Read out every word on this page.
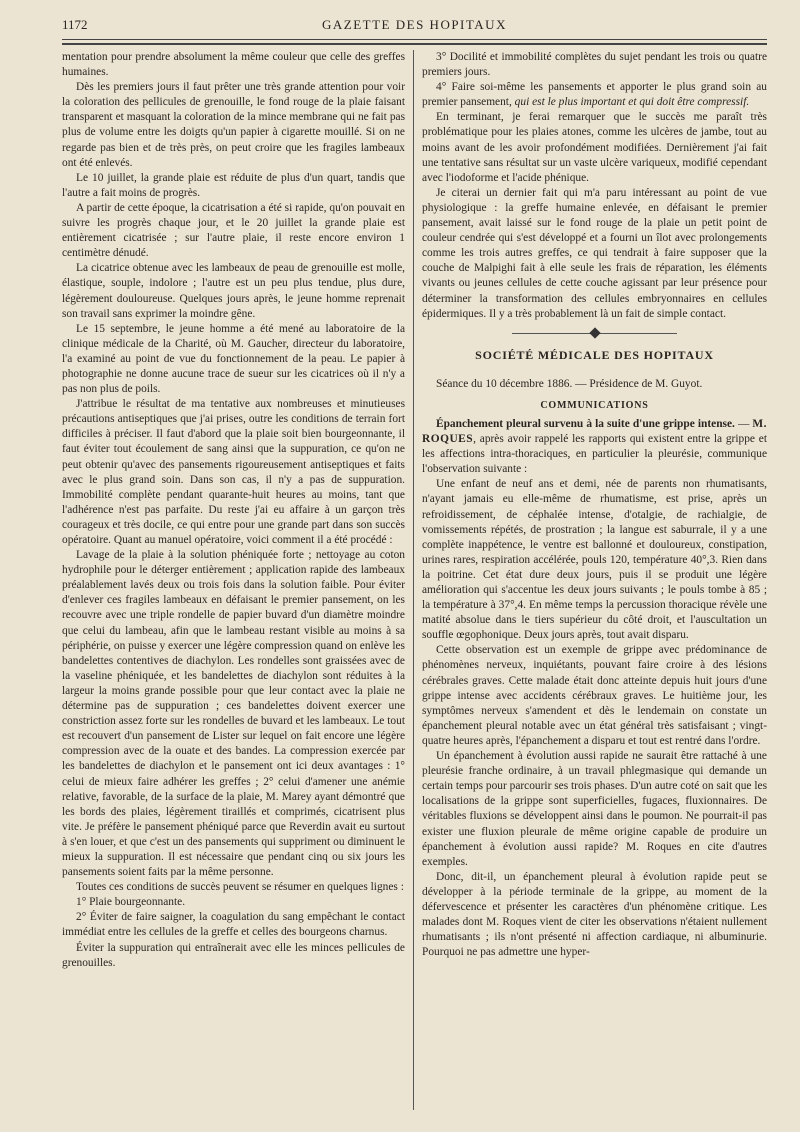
1172	GAZETTE DES HOPITAUX

mentation pour prendre absolument la même couleur que celle des greffes humaines.

Dès les premiers jours il faut prêter une très grande attention pour voir la coloration des pellicules de grenouille, le fond rouge de la plaie faisant transparent et masquant la coloration de la mince membrane qui ne fait pas plus de volume entre les doigts qu'un papier à cigarette mouillé. Si on ne regarde pas bien et de très près, on peut croire que les fragiles lambeaux ont été enlevés.

Le 10 juillet, la grande plaie est réduite de plus d'un quart, tandis que l'autre a fait moins de progrès.

A partir de cette époque, la cicatrisation a été si rapide, qu'on pouvait en suivre les progrès chaque jour, et le 20 juillet la grande plaie est entièrement cicatrisée ; sur l'autre plaie, il reste encore environ 1 centimètre dénudé.

La cicatrice obtenue avec les lambeaux de peau de grenouille est molle, élastique, souple, indolore ; l'autre est un peu plus tendue, plus dure, légèrement douloureuse. Quelques jours après, le jeune homme reprenait son travail sans exprimer la moindre gêne.

Le 15 septembre, le jeune homme a été mené au laboratoire de la clinique médicale de la Charité, où M. Gaucher, directeur du laboratoire, l'a examiné au point de vue du fonctionnement de la peau. Le papier à photographie ne donne aucune trace de sueur sur les cicatrices où il n'y a pas non plus de poils.

J'attribue le résultat de ma tentative aux nombreuses et minutieuses précautions antiseptiques que j'ai prises, outre les conditions de terrain fort difficiles à préciser. Il faut d'abord que la plaie soit bien bourgeonnante, il faut éviter tout écoulement de sang ainsi que la suppuration, ce qu'on ne peut obtenir qu'avec des pansements rigoureusement antiseptiques et faits avec le plus grand soin. Dans son cas, il n'y a pas de suppuration. Immobilité complète pendant quarante-huit heures au moins, tant que l'adhérence n'est pas parfaite. Du reste j'ai eu affaire à un garçon très courageux et très docile, ce qui entre pour une grande part dans son succès opératoire. Quant au manuel opératoire, voici comment il a été procédé :

Lavage de la plaie à la solution phéniquée forte ; nettoyage au coton hydrophile pour le déterger entièrement ; application rapide des lambeaux préalablement lavés deux ou trois fois dans la solution faible. Pour éviter d'enlever ces fragiles lambeaux en défaisant le premier pansement, on les recouvre avec une triple rondelle de papier buvard d'un diamètre moindre que celui du lambeau, afin que le lambeau restant visible au moins à sa périphérie, on puisse y exercer une légère compression quand on enlève les bandelettes contentives de diachylon. Les rondelles sont graissées avec de la vaseline phéniquée, et les bandelettes de diachylon sont réduites à la largeur la moins grande possible pour que leur contact avec la plaie ne détermine pas de suppuration ; ces bandelettes doivent exercer une constriction assez forte sur les rondelles de buvard et les lambeaux. Le tout est recouvert d'un pansement de Lister sur lequel on fait encore une légère compression avec de la ouate et des bandes. La compression exercée par les bandelettes de diachylon et le pansement ont ici deux avantages : 1° celui de mieux faire adhérer les greffes ; 2° celui d'amener une anémie relative, favorable, de la surface de la plaie, M. Marey ayant démontré que les bords des plaies, légèrement tiraillés et comprimés, cicatrisent plus vite. Je préfère le pansement phéniqué parce que Reverdin avait eu surtout à s'en louer, et que c'est un des pansements qui suppriment ou diminuent le mieux la suppuration. Il est nécessaire que pendant cinq ou six jours les pansements soient faits par la même personne.

Toutes ces conditions de succès peuvent se résumer en quelques lignes :

1° Plaie bourgeonnante.

2° Éviter de faire saigner, la coagulation du sang empêchant le contact immédiat entre les cellules de la greffe et celles des bourgeons charnus.

Éviter la suppuration qui entraînerait avec elle les minces pellicules de grenouilles.

3° Docilité et immobilité complètes du sujet pendant les trois ou quatre premiers jours.

4° Faire soi-même les pansements et apporter le plus grand soin au premier pansement, qui est le plus important et qui doit être compressif.

En terminant, je ferai remarquer que le succès me paraît très problématique pour les plaies atones, comme les ulcères de jambe, tout au moins avant de les avoir profondément modifiées. Dernièrement j'ai fait une tentative sans résultat sur un vaste ulcère variqueux, modifié cependant avec l'iodoforme et l'acide phénique.

Je citerai un dernier fait qui m'a paru intéressant au point de vue physiologique : la greffe humaine enlevée, en défaisant le premier pansement, avait laissé sur le fond rouge de la plaie un petit point de couleur cendrée qui s'est développé et a fourni un îlot avec prolongements comme les trois autres greffes, ce qui tendrait à faire supposer que la couche de Malpighi fait à elle seule les frais de réparation, les éléments vivants ou jeunes cellules de cette couche agissant par leur présence pour déterminer la transformation des cellules embryonnaires en cellules épidermiques. Il y a très probablement là un fait de simple contact.

SOCIÉTÉ MÉDICALE DES HOPITAUX

Séance du 10 décembre 1886. — Présidence de M. Guyot.

COMMUNICATIONS

Épanchement pleural survenu à la suite d'une grippe intense. — M. ROQUES, après avoir rappelé les rapports qui existent entre la grippe et les affections intra-thoraciques, en particulier la pleurésie, communique l'observation suivante :

Une enfant de neuf ans et demi, née de parents non rhumatisants, n'ayant jamais eu elle-même de rhumatisme, est prise, après un refroidissement, de céphalée intense, d'otalgie, de rachialgie, de vomissements répétés, de prostration ; la langue est saburrale, il y a une complète inappétence, le ventre est ballonné et douloureux, constipation, urines rares, respiration accélérée, pouls 120, température 40°,3. Rien dans la poitrine. Cet état dure deux jours, puis il se produit une légère amélioration qui s'accentue les deux jours suivants ; le pouls tombe à 85 ; la température à 37°,4. En même temps la percussion thoracique révèle une matité absolue dans le tiers supérieur du côté droit, et l'auscultation un souffle œgophonique. Deux jours après, tout avait disparu.

Cette observation est un exemple de grippe avec prédominance de phénomènes nerveux, inquiétants, pouvant faire croire à des lésions cérébrales graves. Cette malade était donc atteinte depuis huit jours d'une grippe intense avec accidents cérébraux graves. Le huitième jour, les symptômes nerveux s'amendent et dès le lendemain on constate un épanchement pleural notable avec un état général très satisfaisant ; vingt-quatre heures après, l'épanchement a disparu et tout est rentré dans l'ordre.

Un épanchement à évolution aussi rapide ne saurait être rattaché à une pleurésie franche ordinaire, à un travail phlegmasique qui demande un certain temps pour parcourir ses trois phases. D'un autre coté on sait que les localisations de la grippe sont superficielles, fugaces, fluxionnaires. De véritables fluxions se développent ainsi dans le poumon. Ne pourrait-il pas exister une fluxion pleurale de même origine capable de produire un épanchement à évolution aussi rapide? M. Roques en cite d'autres exemples.

Donc, dit-il, un épanchement pleural à évolution rapide peut se développer à la période terminale de la grippe, au moment de la défervescence et présenter les caractères d'un phénomène critique. Les malades dont M. Roques vient de citer les observations n'étaient nullement rhumatisants ; ils n'ont présenté ni affection cardiaque, ni albuminurie. Pourquoi ne pas admettre une hyper-
